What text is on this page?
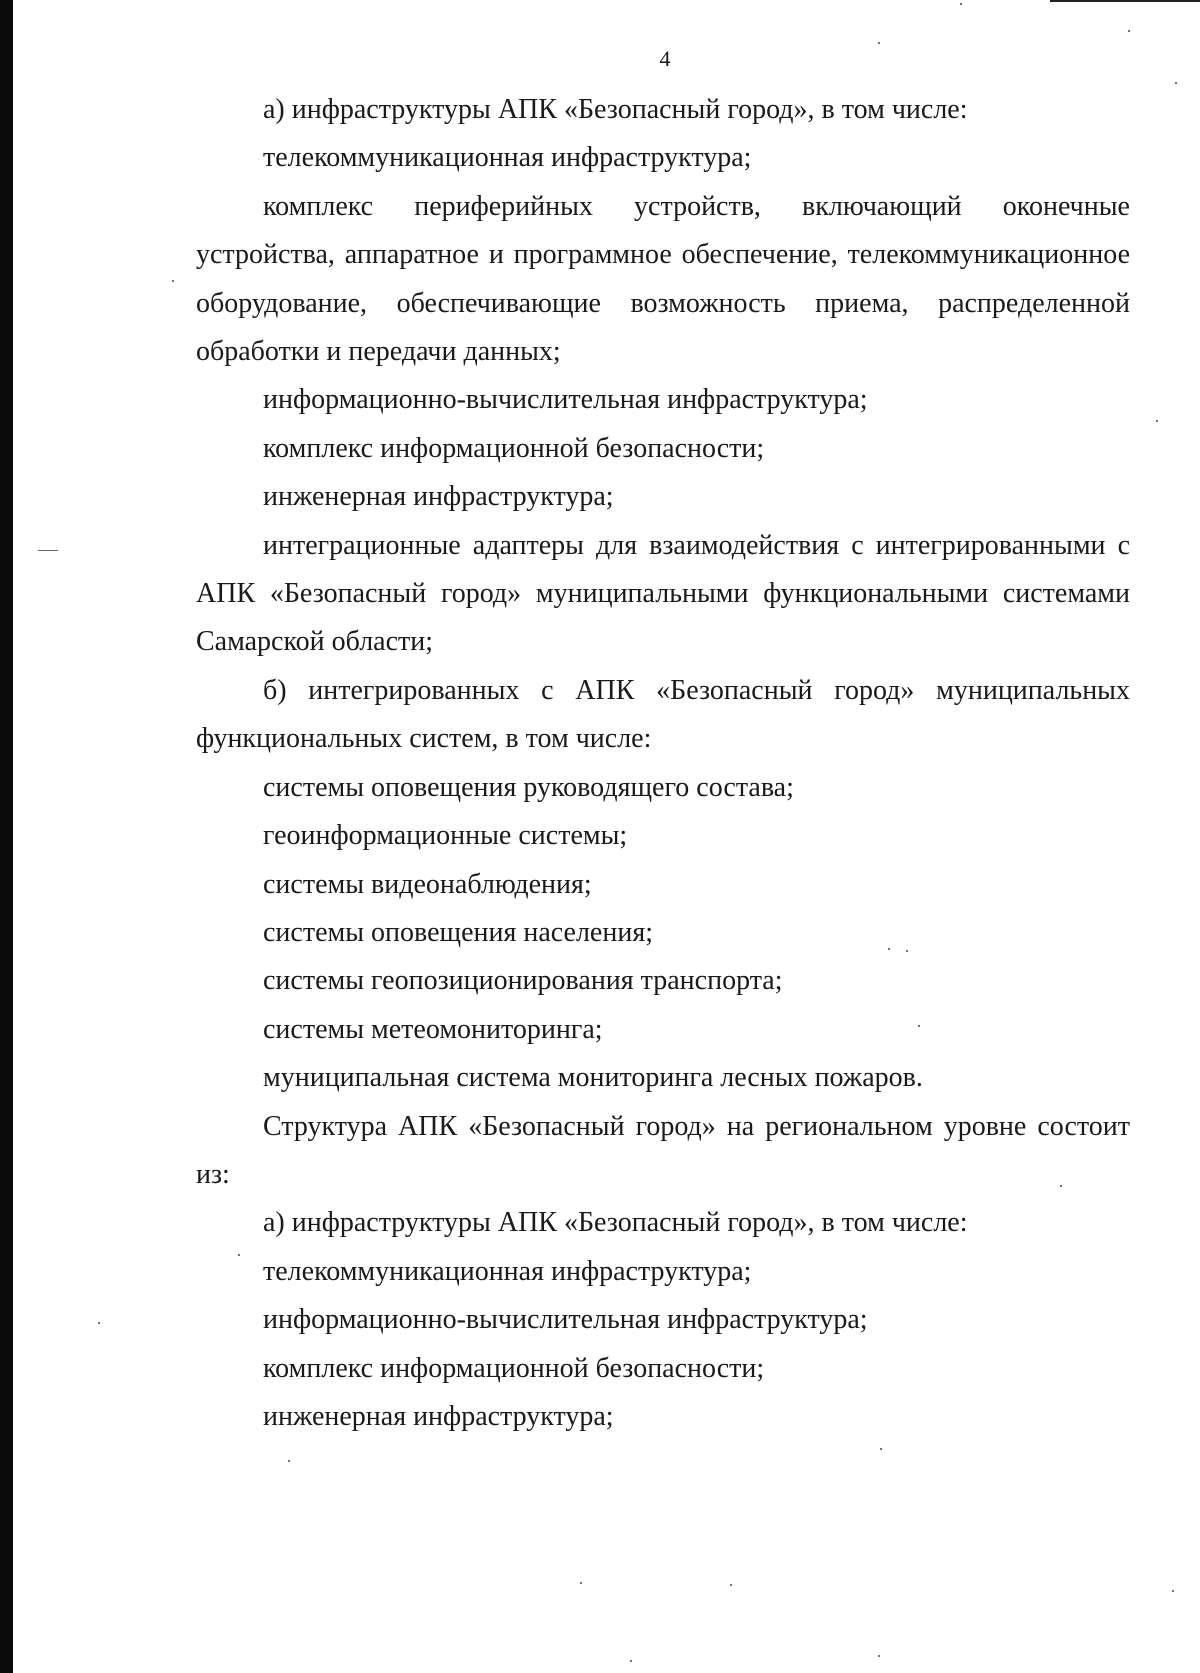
4

а) инфраструктуры АПК «Безопасный город», в том числе:

телекоммуникационная инфраструктура;

комплекс периферийных устройств, включающий оконечные устройства, аппаратное и программное обеспечение, телекоммуникационное оборудование, обеспечивающие возможность приема, распределенной обработки и передачи данных;

информационно-вычислительная инфраструктура;

комплекс информационной безопасности;

инженерная инфраструктура;

интеграционные адаптеры для взаимодействия с интегрированными с АПК «Безопасный город» муниципальными функциональными системами Самарской области;

б) интегрированных с АПК «Безопасный город» муниципальных функциональных систем, в том числе:

системы оповещения руководящего состава;

геоинформационные системы;

системы видеонаблюдения;

системы оповещения населения;

системы геопозиционирования транспорта;

системы метеомониторинга;

муниципальная система мониторинга лесных пожаров.

Структура АПК «Безопасный город» на региональном уровне состоит из:

а) инфраструктуры АПК «Безопасный город», в том числе:

телекоммуникационная инфраструктура;

информационно-вычислительная инфраструктура;

комплекс информационной безопасности;

инженерная инфраструктура;
